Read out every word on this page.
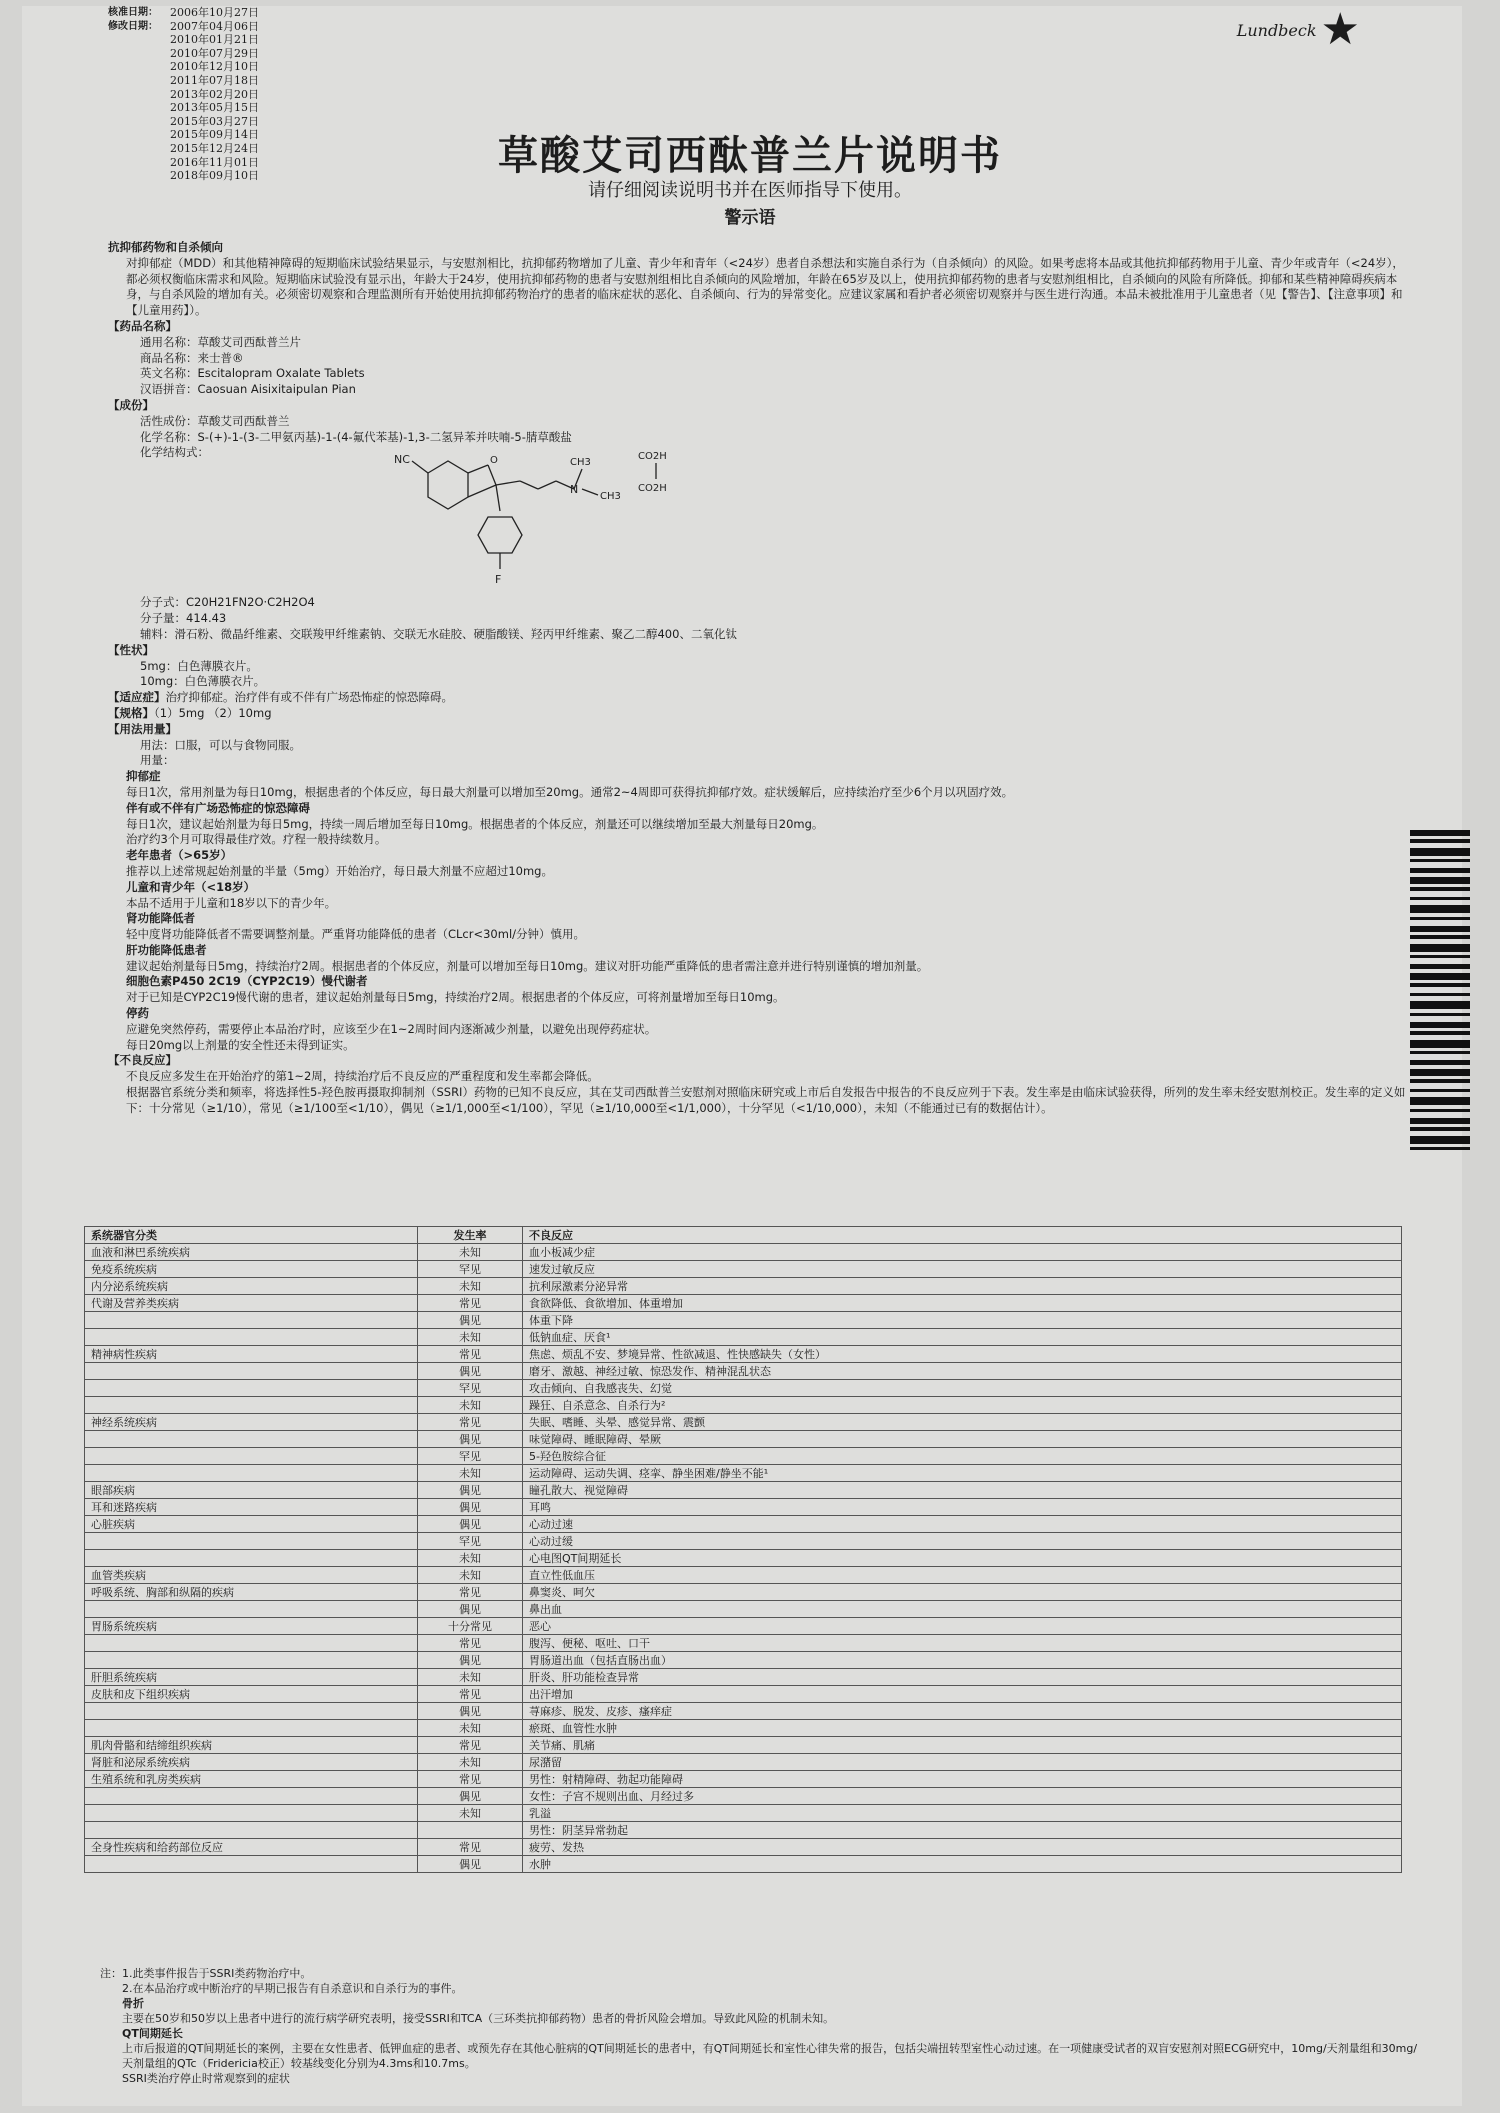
核准日期：	2006年10月27日
修改日期：	2007年04月06日
2010年01月21日
2010年07月29日
2010年12月10日
2011年07月18日
2013年02月20日
2013年05月15日
2015年03月27日
2015年09月14日
2015年12月24日
2016年11月01日
2018年09月10日
Lundbeck ★
草酸艾司西酞普兰片说明书
请仔细阅读说明书并在医师指导下使用。
警示语

抗抑郁药物和自杀倾向

对抑郁症（MDD）和其他精神障碍的短期临床试验结果显示，与安慰剂相比，抗抑郁药物增加了儿童、青少年和青年（<24岁）患者自杀想法和实施自杀行为（自杀倾向）的风险。如果考虑将本品或其他抗抑郁药物用于儿童、青少年或青年（<24岁），都必须权衡临床需求和风险。短期临床试验没有显示出，年龄大于24岁，使用抗抑郁药物的患者与安慰剂组相比自杀倾向的风险增加，年龄在65岁及以上，使用抗抑郁药物的患者与安慰剂组相比，自杀倾向的风险有所降低。抑郁和某些精神障碍疾病本身，与自杀风险的增加有关。必须密切观察和合理监测所有开始使用抗抑郁药物治疗的患者的临床症状的恶化、自杀倾向、行为的异常变化。应建议家属和看护者必须密切观察并与医生进行沟通。本品未被批准用于儿童患者（见【警告】、【注意事项】和【儿童用药】）。

【药品名称】

通用名称：草酸艾司西酞普兰片

商品名称：来士普®

英文名称：Escitalopram Oxalate Tablets

汉语拼音：Caosuan Aisixitaipulan Pian

【成份】

活性成份：草酸艾司西酞普兰

化学名称：S-(+)-1-(3-二甲氨丙基)-1-(4-氟代苯基)-1,3-二氢异苯并呋喃-5-腈草酸盐

化学结构式：

NC	O	CH3
N
CH3
CO2H
CO2H
F

分子式：C20H21FN2O·C2H2O4

分子量：414.43

辅料：滑石粉、微晶纤维素、交联羧甲纤维素钠、交联无水硅胶、硬脂酸镁、羟丙甲纤维素、聚乙二醇400、二氧化钛

【性状】

5mg：白色薄膜衣片。

10mg：白色薄膜衣片。

【适应症】治疗抑郁症。治疗伴有或不伴有广场恐怖症的惊恐障碍。

【规格】（1）5mg （2）10mg

【用法用量】

用法：口服，可以与食物同服。

用量：

抑郁症

每日1次，常用剂量为每日10mg，根据患者的个体反应，每日最大剂量可以增加至20mg。通常2~4周即可获得抗抑郁疗效。症状缓解后，应持续治疗至少6个月以巩固疗效。

伴有或不伴有广场恐怖症的惊恐障碍

每日1次，建议起始剂量为每日5mg，持续一周后增加至每日10mg。根据患者的个体反应，剂量还可以继续增加至最大剂量每日20mg。

治疗约3个月可取得最佳疗效。疗程一般持续数月。

老年患者（>65岁）

推荐以上述常规起始剂量的半量（5mg）开始治疗，每日最大剂量不应超过10mg。

儿童和青少年（<18岁）

本品不适用于儿童和18岁以下的青少年。

肾功能降低者

轻中度肾功能降低者不需要调整剂量。严重肾功能降低的患者（CLcr<30ml/分钟）慎用。

肝功能降低患者

建议起始剂量每日5mg，持续治疗2周。根据患者的个体反应，剂量可以增加至每日10mg。建议对肝功能严重降低的患者需注意并进行特别谨慎的增加剂量。

细胞色素P450 2C19（CYP2C19）慢代谢者

对于已知是CYP2C19慢代谢的患者，建议起始剂量每日5mg，持续治疗2周。根据患者的个体反应，可将剂量增加至每日10mg。

停药

应避免突然停药，需要停止本品治疗时，应该至少在1~2周时间内逐渐减少剂量，以避免出现停药症状。

每日20mg以上剂量的安全性还未得到证实。

【不良反应】

不良反应多发生在开始治疗的第1~2周，持续治疗后不良反应的严重程度和发生率都会降低。

根据器官系统分类和频率，将选择性5-羟色胺再摄取抑制剂（SSRI）药物的已知不良反应，其在艾司西酞普兰安慰剂对照临床研究或上市后自发报告中报告的不良反应列于下表。发生率是由临床试验获得，所列的发生率未经安慰剂校正。发生率的定义如下：十分常见（≥1/10），常见（≥1/100至<1/10），偶见（≥1/1,000至<1/100），罕见（≥1/10,000至<1/1,000），十分罕见（<1/10,000），未知（不能通过已有的数据估计）。

系统器官分类	发生率	不良反应
血液和淋巴系统疾病	未知	血小板减少症
免疫系统疾病	罕见	速发过敏反应
内分泌系统疾病	未知	抗利尿激素分泌异常
代谢及营养类疾病	常见	食欲降低、食欲增加、体重增加
	偶见	体重下降
	未知	低钠血症、厌食¹
精神病性疾病	常见	焦虑、烦乱不安、梦境异常、性欲减退、性快感缺失（女性）
	偶见	磨牙、激越、神经过敏、惊恐发作、精神混乱状态
	罕见	攻击倾向、自我感丧失、幻觉
	未知	躁狂、自杀意念、自杀行为²
神经系统疾病	常见	失眠、嗜睡、头晕、感觉异常、震颤
	偶见	味觉障碍、睡眠障碍、晕厥
	罕见	5-羟色胺综合征
	未知	运动障碍、运动失调、痉挛、静坐困难/静坐不能¹
眼部疾病	偶见	瞳孔散大、视觉障碍
耳和迷路疾病	偶见	耳鸣
心脏疾病	偶见	心动过速
	罕见	心动过缓
	未知	心电图QT间期延长
血管类疾病	未知	直立性低血压
呼吸系统、胸部和纵隔的疾病	常见	鼻窦炎、呵欠
	偶见	鼻出血
胃肠系统疾病	十分常见	恶心
	常见	腹泻、便秘、呕吐、口干
	偶见	胃肠道出血（包括直肠出血）
肝胆系统疾病	未知	肝炎、肝功能检查异常
皮肤和皮下组织疾病	常见	出汗增加
	偶见	荨麻疹、脱发、皮疹、瘙痒症
	未知	瘀斑、血管性水肿
肌肉骨骼和结缔组织疾病	常见	关节痛、肌痛
肾脏和泌尿系统疾病	未知	尿潴留
生殖系统和乳房类疾病	常见	男性：射精障碍、勃起功能障碍
	偶见	女性：子宫不规则出血、月经过多
	未知	乳溢
		男性：阴茎异常勃起
全身性疾病和给药部位反应	常见	疲劳、发热
	偶见	水肿

注：1.此类事件报告于SSRI类药物治疗中。

2.在本品治疗或中断治疗的早期已报告有自杀意识和自杀行为的事件。

骨折

主要在50岁和50岁以上患者中进行的流行病学研究表明，接受SSRI和TCA（三环类抗抑郁药物）患者的骨折风险会增加。导致此风险的机制未知。

QT间期延长

上市后报道的QT间期延长的案例，主要在女性患者、低钾血症的患者、或预先存在其他心脏病的QT间期延长的患者中，有QT间期延长和室性心律失常的报告，包括尖端扭转型室性心动过速。在一项健康受试者的双盲安慰剂对照ECG研究中，10mg/天剂量组和30mg/天剂量组的QTc（Fridericia校正）较基线变化分别为4.3ms和10.7ms。

SSRI类治疗停止时常观察到的症状
